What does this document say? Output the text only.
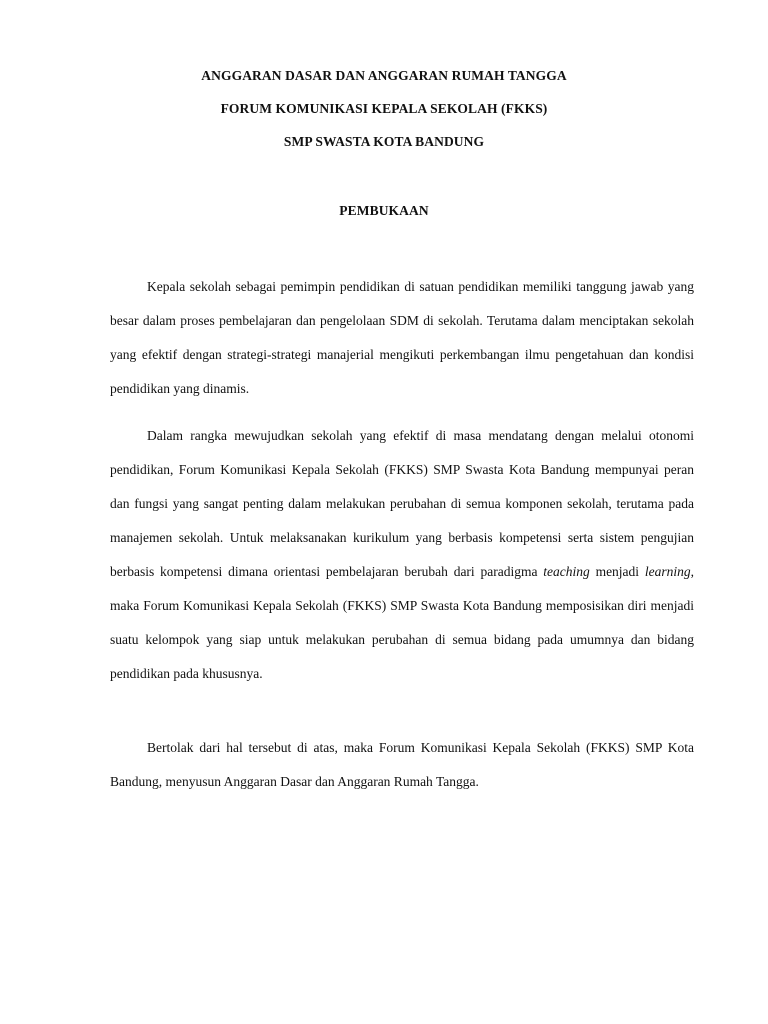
ANGGARAN DASAR DAN ANGGARAN RUMAH TANGGA
FORUM KOMUNIKASI KEPALA SEKOLAH (FKKS)
SMP SWASTA KOTA BANDUNG
PEMBUKAAN

Kepala sekolah sebagai pemimpin pendidikan di satuan pendidikan memiliki tanggung jawab yang besar dalam proses pembelajaran dan pengelolaan SDM di sekolah. Terutama dalam menciptakan sekolah yang efektif dengan strategi-strategi manajerial mengikuti perkembangan ilmu pengetahuan dan kondisi pendidikan yang dinamis.

Dalam rangka mewujudkan sekolah yang efektif di masa mendatang dengan melalui otonomi pendidikan, Forum Komunikasi Kepala Sekolah (FKKS) SMP Swasta Kota Bandung mempunyai peran dan fungsi yang sangat penting dalam melakukan perubahan di semua komponen sekolah, terutama pada manajemen sekolah. Untuk melaksanakan kurikulum yang berbasis kompetensi serta sistem pengujian berbasis kompetensi dimana orientasi pembelajaran berubah dari paradigma teaching menjadi learning, maka Forum Komunikasi Kepala Sekolah (FKKS) SMP Swasta Kota Bandung memposisikan diri menjadi suatu kelompok yang siap untuk melakukan perubahan di semua bidang pada umumnya dan bidang pendidikan pada khususnya.

Bertolak dari hal tersebut di atas, maka Forum Komunikasi Kepala Sekolah (FKKS) SMP Kota Bandung, menyusun Anggaran Dasar dan Anggaran Rumah Tangga.
